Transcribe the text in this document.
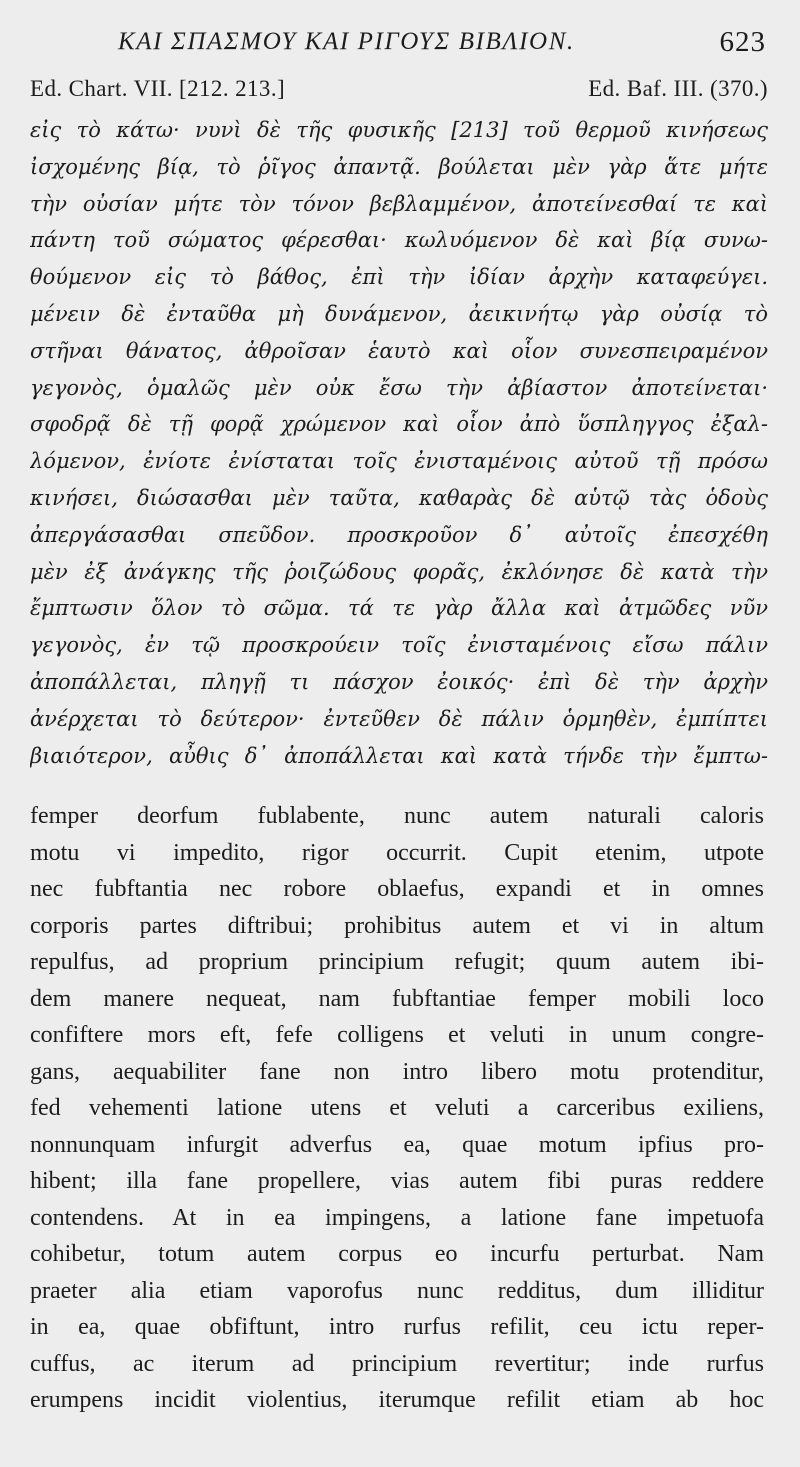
ΚΑΙ ΣΠΑΣΜΟΥ ΚΑΙ ΡΙΓΟΥΣ ΒΙΒΛΙΟΝ.	623
Ed. Chart. VII. [212. 213.]	Ed. Baf. III. (370.)
εἰς τὸ κάτω· νυνὶ δὲ τῆς φυσικῆς [213] τοῦ θερμοῦ κινήσεως
ἰσχομένης βίᾳ, τὸ ῥῖγος ἀπαντᾷ. βούλεται μὲν γὰρ ἅτε μήτε
τὴν οὐσίαν μήτε τὸν τόνον βεβλαμμένον, ἀποτείνεσθαί τε καὶ
πάντη τοῦ σώματος φέρεσθαι· κωλυόμενον δὲ καὶ βίᾳ συνω-
θούμενον εἰς τὸ βάθος, ἐπὶ τὴν ἰδίαν ἀρχὴν καταφεύγει.
μένειν δὲ ἐνταῦθα μὴ δυνάμενον, ἀεικινήτῳ γὰρ οὐσίᾳ τὸ
στῆναι θάνατος, ἀθροῖσαν ἑαυτὸ καὶ οἷον συνεσπειραμένον
γεγονὸς, ὁμαλῶς μὲν οὐκ ἔσω τὴν ἀβίαστον ἀποτείνεται·
σφοδρᾷ δὲ τῇ φορᾷ χρώμενον καὶ οἷον ἀπὸ ὕσπληγγος ἐξαλ-
λόμενον, ἐνίοτε ἐνίσταται τοῖς ἐνισταμένοις αὐτοῦ τῇ πρόσω
κινήσει, διώσασθαι μὲν ταῦτα, καθαρὰς δὲ αὑτῷ τὰς ὁδοὺς
ἀπεργάσασθαι σπεῦδον. προσκροῦον δ᾽ αὐτοῖς ἐπεσχέθη
μὲν ἐξ ἀνάγκης τῆς ῥοιζώδους φορᾶς, ἐκλόνησε δὲ κατὰ τὴν
ἔμπτωσιν ὅλον τὸ σῶμα. τά τε γὰρ ἄλλα καὶ ἀτμῶδες νῦν
γεγονὸς, ἐν τῷ προσκρούειν τοῖς ἐνισταμένοις εἴσω πάλιν
ἀποπάλλεται, πληγῇ τι πάσχον ἐοικός· ἐπὶ δὲ τὴν ἀρχὴν
ἀνέρχεται τὸ δεύτερον· ἐντεῦθεν δὲ πάλιν ὁρμηθὲν, ἐμπίπτει
βιαιότερον, αὖθις δ᾽ ἀποπάλλεται καὶ κατὰ τήνδε τὴν ἔμπτω-
femper deorfum fublabente, nunc autem naturali caloris
motu vi impedito, rigor occurrit. Cupit etenim, utpote
nec fubftantia nec robore oblaefus, expandi et in omnes
corporis partes diftribui; prohibitus autem et vi in altum
repulfus, ad proprium principium refugit; quum autem ibi-
dem manere nequeat, nam fubftantiae femper mobili loco
confiftere mors eft, fefe colligens et veluti in unum congre-
gans, aequabiliter fane non intro libero motu protenditur,
fed vehementi latione utens et veluti a carceribus exiliens,
nonnunquam infurgit adverfus ea, quae motum ipfius pro-
hibent; illa fane propellere, vias autem fibi puras reddere
contendens. At in ea impingens, a latione fane impetuofa
cohibetur, totum autem corpus eo incurfu perturbat. Nam
praeter alia etiam vaporofus nunc redditus, dum illiditur
in ea, quae obfiftunt, intro rurfus refilit, ceu ictu reper-
cuffus, ac iterum ad principium revertitur; inde rurfus
erumpens incidit violentius, iterumque refilit etiam ab hoc
